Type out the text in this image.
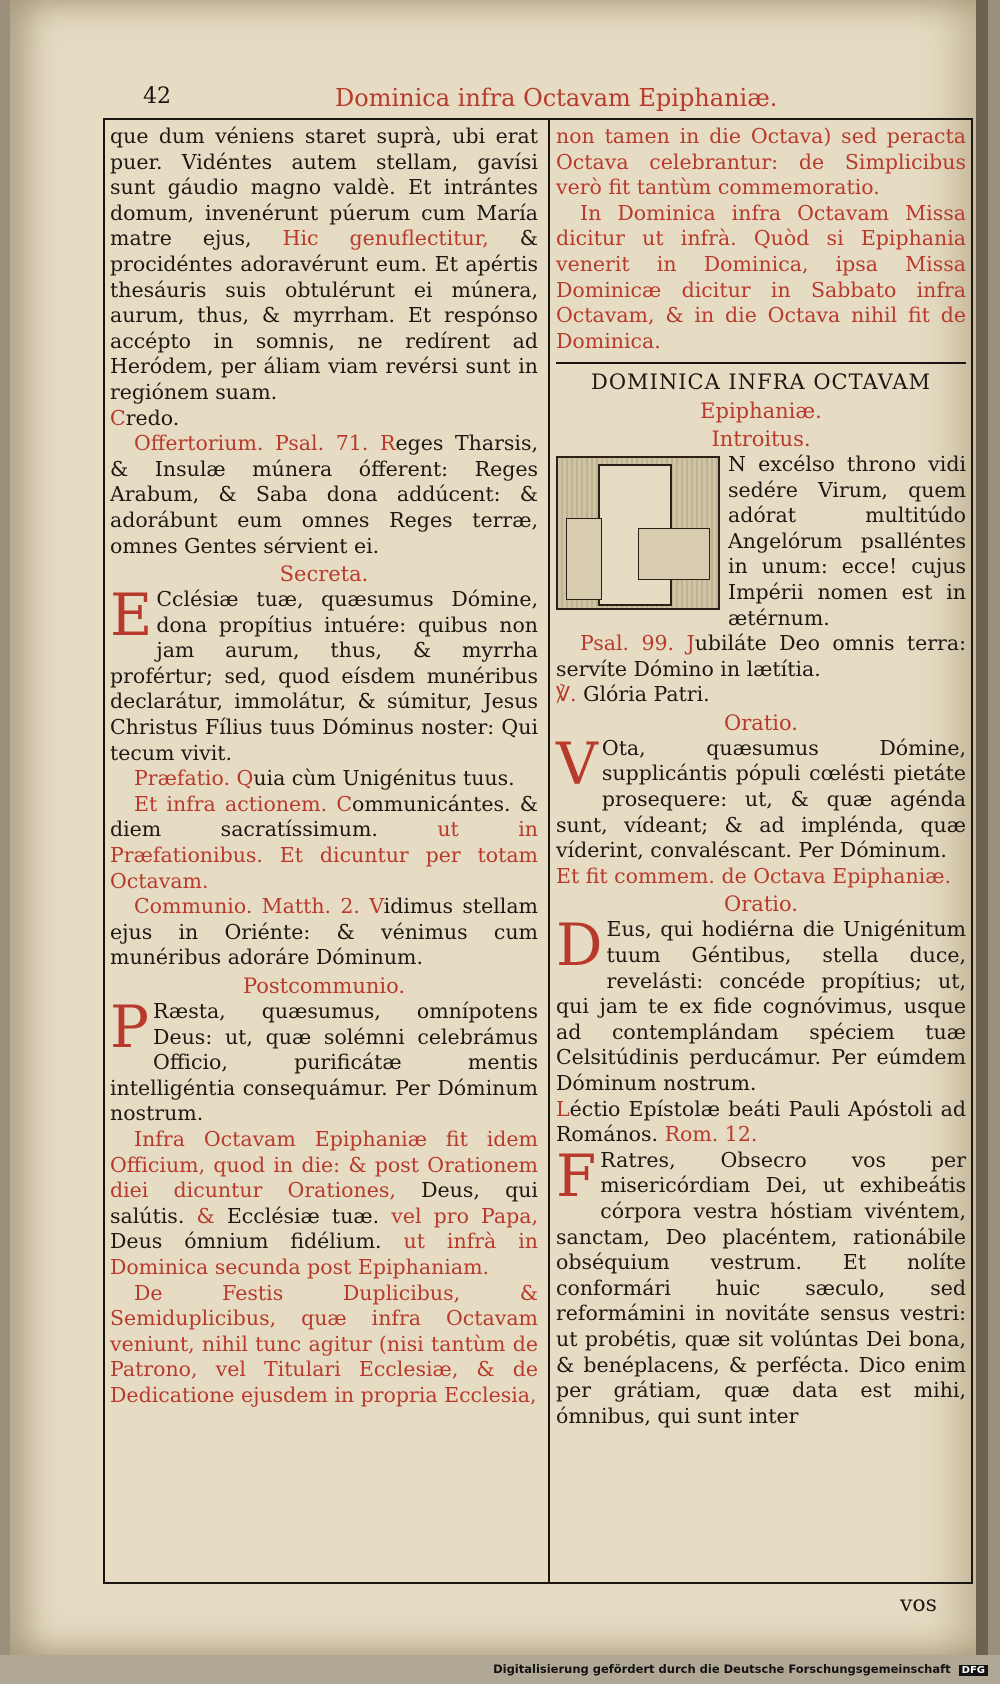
42	Dominica infra Octavam Epiphaniæ.

que dum véniens staret suprà, ubi erat puer. Vidéntes autem stellam, gavísi sunt gáudio magno valdè. Et intrántes domum, invenérunt púerum cum María matre ejus, Hic genuflectitur, & procidéntes adoravérunt eum. Et apértis thesáuris suis obtulérunt ei múnera, aurum, thus, & myrrham. Et respónso accépto in somnis, ne redírent ad Heródem, per áliam viam revérsi sunt in regiónem suam.

Credo.

Offertorium. Psal. 71. Reges Tharsis, & Insulæ múnera ófferent: Reges Arabum, & Saba dona addúcent: & adorábunt eum omnes Reges terræ, omnes Gentes sérvient ei.

Secreta.

E Cclésiæ tuæ, quæsumus Dómine, dona propítius intuére: quibus non jam aurum, thus, & myrrha profértur; sed, quod eísdem munéribus declarátur, immolátur, & súmitur, Jesus Christus Fílius tuus Dóminus noster: Qui tecum vivit.

Præfatio. Quia cùm Unigénitus tuus.

Et infra actionem. Communicántes. & diem sacratíssimum.	ut in Præfationibus. Et dicuntur per totam Octavam.

Communio. Matth. 2. Vidimus stellam ejus in Oriénte: & vénimus cum munéribus adoráre Dóminum.

Postcommunio.

P Ræsta, quæsumus, omnípotens Deus: ut, quæ solémni celebrámus Officio, purificátæ mentis intelligéntia consequámur. Per Dóminum nostrum.

Infra Octavam Epiphaniæ fit idem Officium, quod in die: & post Orationem diei dicuntur Orationes, Deus, qui salútis. & Ecclésiæ tuæ. vel pro Papa, Deus ómnium fidélium. ut infrà in Dominica secunda post Epiphaniam.

De Festis Duplicibus, & Semiduplicibus, quæ infra Octavam veniunt, nihil tunc agitur (nisi tantùm de Patrono, vel Titulari Ecclesiæ, & de Dedicatione ejusdem in propria Ecclesia,

non tamen in die Octava) sed peracta Octava celebrantur: de Simplicibus verò fit tantùm commemoratio.

In Dominica infra Octavam Missa dicitur ut infrà. Quòd si Epiphania venerit in Dominica, ipsa Missa Dominicæ dicitur in Sabbato infra Octavam, & in die Octava nihil fit de Dominica.

DOMINICA INFRA OCTAVAM
Epiphaniæ.
Introitus.

N excélso throno vidi sedére Virum, quem adórat multitúdo Angelórum psalléntes in unum: ecce! cujus Impérii nomen est in ætérnum.

Psal. 99. Jubiláte Deo omnis terra: servíte Dómino in lætítia.

℣. Glória Patri.

Oratio.

V Ota, quæsumus Dómine, supplicántis pópuli cœlésti pietáte prosequere: ut, & quæ agénda sunt, vídeant; & ad impléndа, quæ víderint, convaléscant. Per Dóminum.

Et fit commem. de Octava Epiphaniæ.

Oratio.

D Eus, qui hodiérna die Unigénitum tuum Géntibus, stella duce, revelásti: concéde propítius; ut, qui jam te ex fide cognóvimus, usque ad contemplándam spéciem tuæ Celsitúdinis perducámur. Per eúmdem Dóminum nostrum.

Léctio Epístolæ beáti Pauli Apóstoli ad Románоs. Rom. 12.

F Ratres, Obsecro vos per misericórdiam Dei, ut exhibeátis córpora vestra hóstiam vivéntem, sanctam, Deo placéntem, rationábile obséquium vestrum. Et nolíte conformári huic sæculo, sed reformámini in novitáte sensus vestri: ut probétis, quæ sit volúntas Dei bona, & benéplacens, & perfécta. Dico enim per grátiam, quæ data est mihi, ómnibus, qui sunt inter

vos
Digitalisierung gefördert durch die Deutsche Forschungsgemeinschaft DFG
